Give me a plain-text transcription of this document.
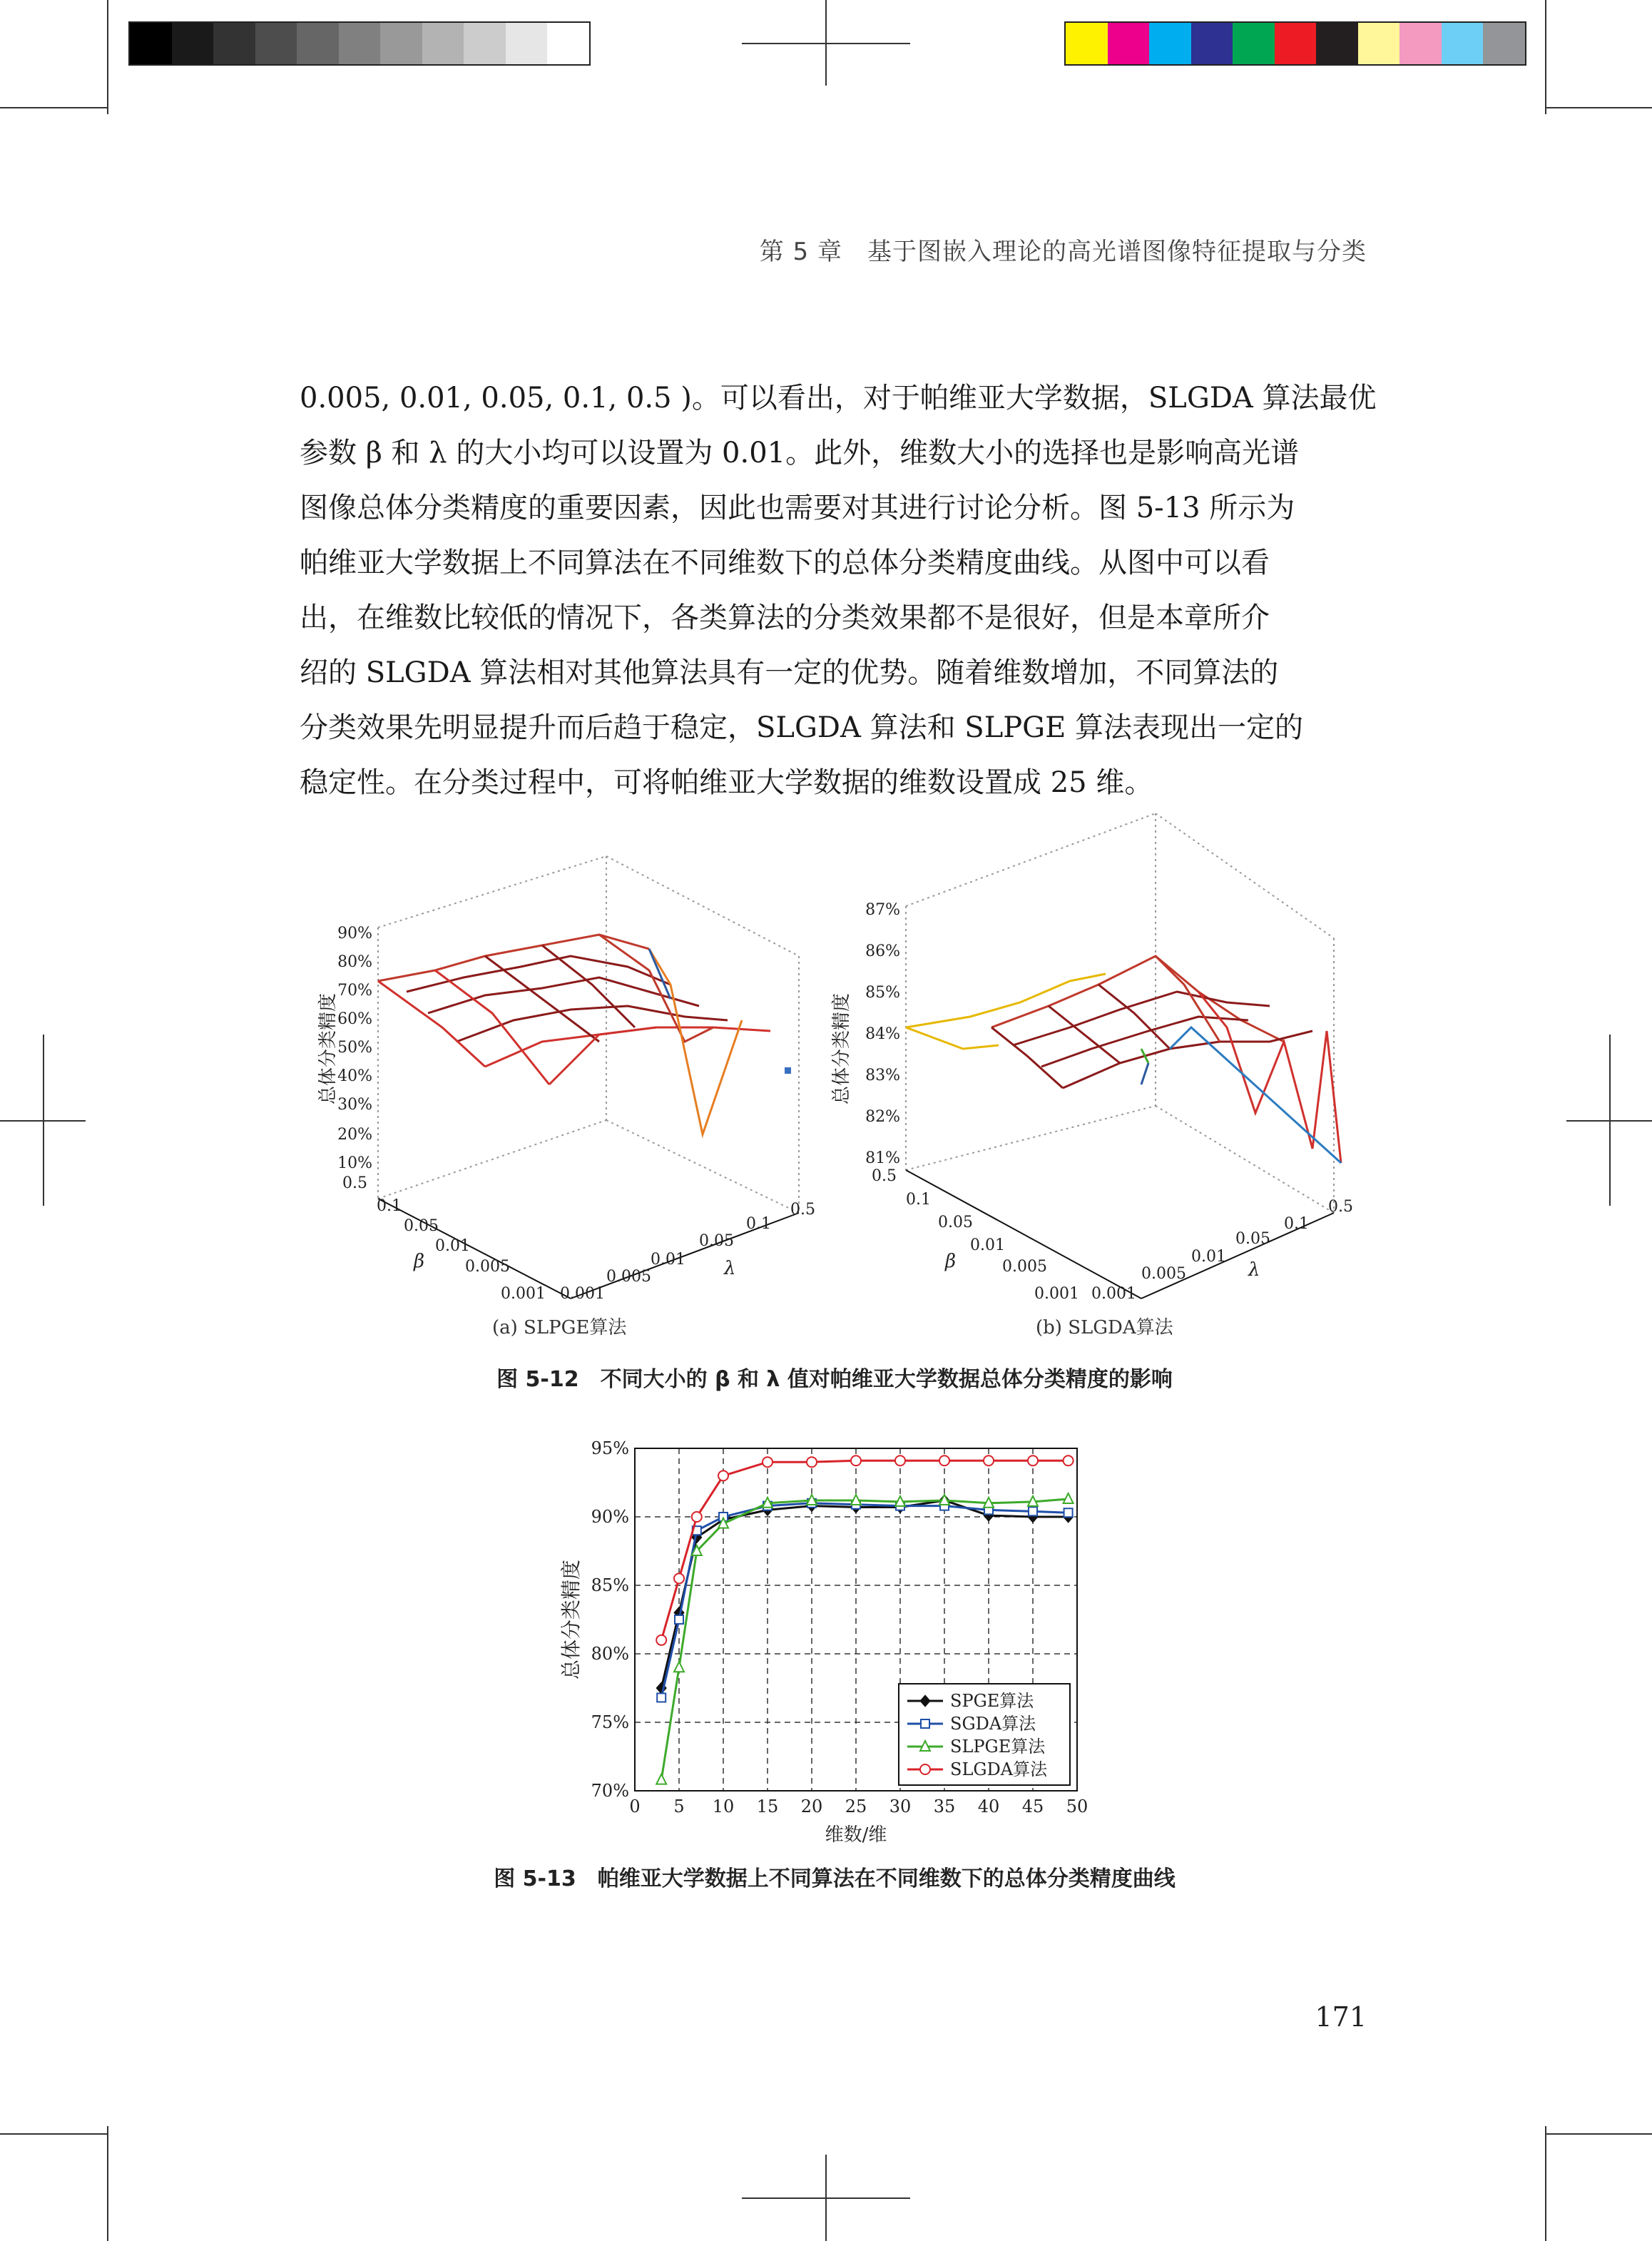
第 5 章　基于图嵌入理论的高光谱图像特征提取与分类

0.005, 0.01, 0.05, 0.1, 0.5 )。可以看出，对于帕维亚大学数据，SLGDA 算法最优

参数 β 和 λ 的大小均可以设置为 0.01。此外，维数大小的选择也是影响高光谱

图像总体分类精度的重要因素，因此也需要对其进行讨论分析。图 5-13 所示为

帕维亚大学数据上不同算法在不同维数下的总体分类精度曲线。从图中可以看

出，在维数比较低的情况下，各类算法的分类效果都不是很好，但是本章所介

绍的 SLGDA 算法相对其他算法具有一定的优势。随着维数增加，不同算法的

分类效果先明显提升而后趋于稳定，SLGDA 算法和 SLPGE 算法表现出一定的

稳定性。在分类过程中，可将帕维亚大学数据的维数设置成 25 维。

90%
80%
70%
60%
50%
40%
30%
20%
10%
总体分类精度
0.5
0.1
0.05
0.01
0.005
0.001
β
0.001
0.005
0.01
0.05
0.1
0.5
λ
(a) SLPGE算法
87%
86%
85%
84%
83%
82%
81%
总体分类精度
0.5
0.1
0.05
0.01
0.005
0.001
β
0.001
0.005
0.01
0.05
0.1
0.5
λ
(b) SLGDA算法
图 5-12　不同大小的 β 和 λ 值对帕维亚大学数据总体分类精度的影响
0 5 10 15 20 25 30 35 40 45 50
70%
75%
80%
85%
90%
95%
维数/维
总体分类精度
SPGE算法
SGDA算法
SLPGE算法
SLGDA算法
图 5-13　帕维亚大学数据上不同算法在不同维数下的总体分类精度曲线
171
